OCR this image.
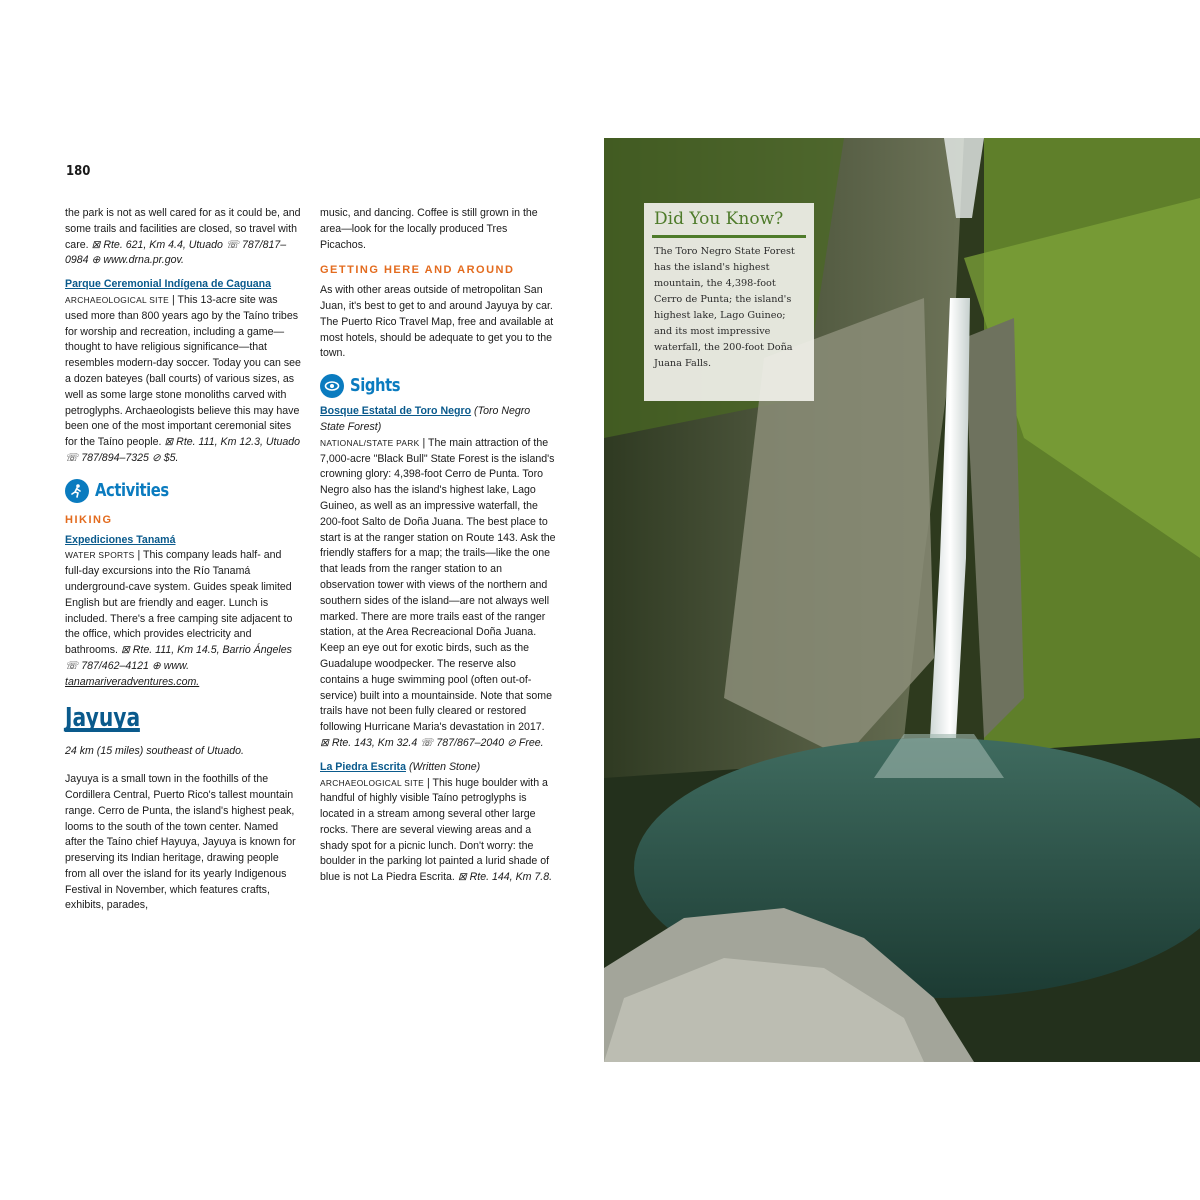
180

the park is not as well cared for as it could be, and some trails and facilities are closed, so travel with care. ⊠ Rte. 621, Km 4.4, Utuado ☏ 787/817–0984 ⊕ www.drna.pr.gov.

Parque Ceremonial Indígena de Caguana
ARCHAEOLOGICAL SITE | This 13-acre site was used more than 800 years ago by the Taíno tribes for worship and recreation, including a game—thought to have religious significance—that resembles modern-day soccer. Today you can see a dozen bateyes (ball courts) of various sizes, as well as some large stone monoliths carved with petroglyphs. Archaeologists believe this may have been one of the most important ceremonial sites for the Taíno people. ⊠ Rte. 111, Km 12.3, Utuado ☏ 787/894–7325 ⊘ $5.

Activities
HIKING

Expediciones Tanamá
WATER SPORTS | This company leads half- and full-day excursions into the Río Tanamá underground-cave system. Guides speak limited English but are friendly and eager. Lunch is included. There's a free camping site adjacent to the office, which provides electricity and bathrooms. ⊠ Rte. 111, Km 14.5, Barrio Ángeles ☏ 787/462–4121 ⊕ www. tanamariveradventures.com.

Jayuya

24 km (15 miles) southeast of Utuado.

Jayuya is a small town in the foothills of the Cordillera Central, Puerto Rico's tallest mountain range. Cerro de Punta, the island's highest peak, looms to the south of the town center. Named after the Taíno chief Hayuya, Jayuya is known for preserving its Indian heritage, drawing people from all over the island for its yearly Indigenous Festival in November, which features crafts, exhibits, parades,

music, and dancing. Coffee is still grown in the area—look for the locally produced Tres Picachos.

GETTING HERE AND AROUND

As with other areas outside of metropolitan San Juan, it's best to get to and around Jayuya by car. The Puerto Rico Travel Map, free and available at most hotels, should be adequate to get you to the town.

Sights

Bosque Estatal de Toro Negro (Toro Negro State Forest)
NATIONAL/STATE PARK | The main attraction of the 7,000-acre "Black Bull" State Forest is the island's crowning glory: 4,398-foot Cerro de Punta. Toro Negro also has the island's highest lake, Lago Guineo, as well as an impressive waterfall, the 200-foot Salto de Doña Juana. The best place to start is at the ranger station on Route 143. Ask the friendly staffers for a map; the trails—like the one that leads from the ranger station to an observation tower with views of the northern and southern sides of the island—are not always well marked. There are more trails east of the ranger station, at the Area Recreacional Doña Juana. Keep an eye out for exotic birds, such as the Guadalupe woodpecker. The reserve also contains a huge swimming pool (often out-of-service) built into a mountainside. Note that some trails have not been fully cleared or restored following Hurricane Maria's devastation in 2017. ⊠ Rte. 143, Km 32.4 ☏ 787/867–2040 ⊘ Free.

La Piedra Escrita (Written Stone)
ARCHAEOLOGICAL SITE | This huge boulder with a handful of highly visible Taíno petroglyphs is located in a stream among several other large rocks. There are several viewing areas and a shady spot for a picnic lunch. Don't worry: the boulder in the parking lot painted a lurid shade of blue is not La Piedra Escrita. ⊠ Rte. 144, Km 7.8.

Did You Know?
The Toro Negro State Forest has the island's highest mountain, the 4,398-foot Cerro de Punta; the island's highest lake, Lago Guineo; and its most impressive waterfall, the 200-foot Doña Juana Falls.
